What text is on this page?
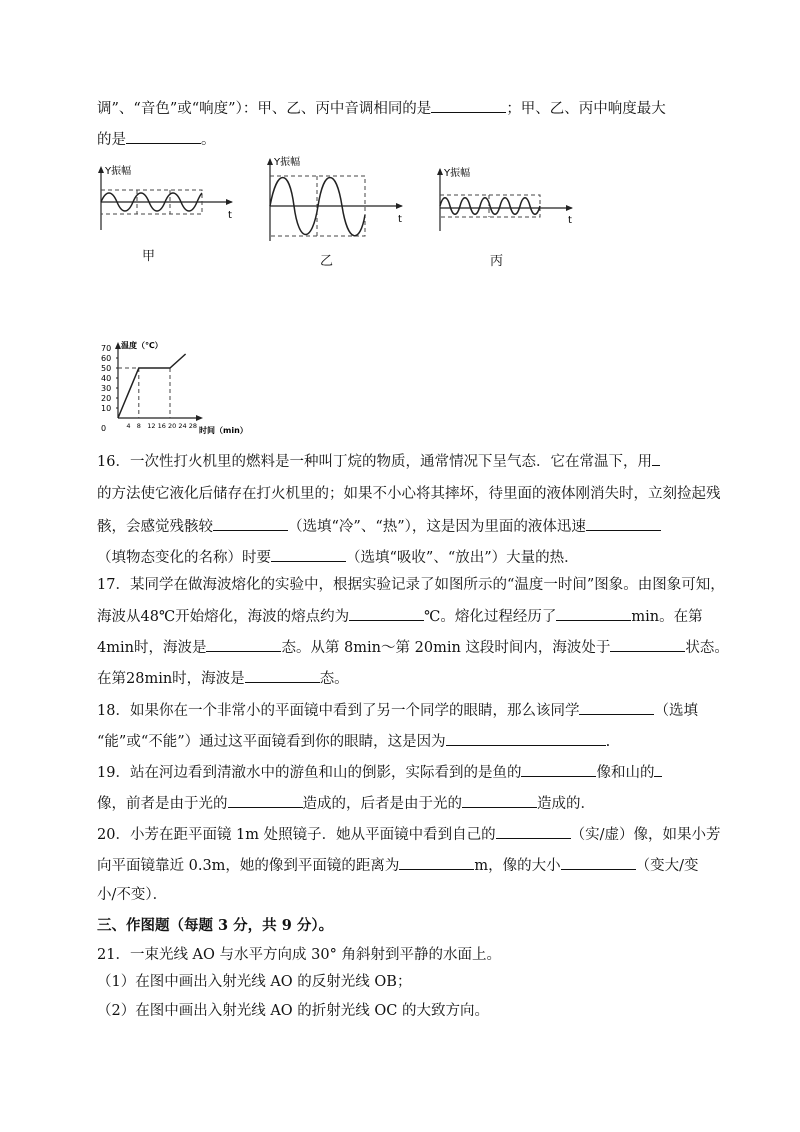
调”、“音色”或“响度”）：甲、乙、丙中音调相同的是	；甲、乙、丙中响度最大
的是	。
Y振幅
t
甲
Y振幅
t
乙
Y振幅
t
丙
温度（℃）
时间（min）
70
60
50
40
30
20
10
4 8 12 16 20 24 28
0
16．一次性打火机里的燃料是一种叫丁烷的物质，通常情况下呈气态．它在常温下，用
的方法使它液化后储存在打火机里的；如果不小心将其摔坏，待里面的液体刚消失时，立刻捡起残
骸，会感觉残骸较	（选填“冷”、“热”），这是因为里面的液体迅速
（填物态变化的名称）时要	（选填“吸收”、“放出”）大量的热．
17．某同学在做海波熔化的实验中，根据实验记录了如图所示的“温度一时间”图象。由图象可知，
海波从48℃开始熔化，海波的熔点约为	℃。熔化过程经历了	min。在第
4min时，海波是	态。从第 8min～第 20min 这段时间内，海波处于	状态。
在第28min时，海波是	态。
18．如果你在一个非常小的平面镜中看到了另一个同学的眼睛，那么该同学	（选填
“能”或“不能”）通过这平面镜看到你的眼睛，这是因为	.
19．站在河边看到清澈水中的游鱼和山的倒影，实际看到的是鱼的	像和山的
像，前者是由于光的	造成的，后者是由于光的	造成的．
20．小芳在距平面镜 1m 处照镜子．她从平面镜中看到自己的	（实/虚）像，如果小芳
向平面镜靠近 0.3m，她的像到平面镜的距离为	m，像的大小	（变大/变
小/不变）．
三、作图题（每题 3 分，共 9 分）。
21．一束光线 AO 与水平方向成 30° 角斜射到平静的水面上。
（1）在图中画出入射光线 AO 的反射光线 OB；
（2）在图中画出入射光线 AO 的折射光线 OC 的大致方向。
